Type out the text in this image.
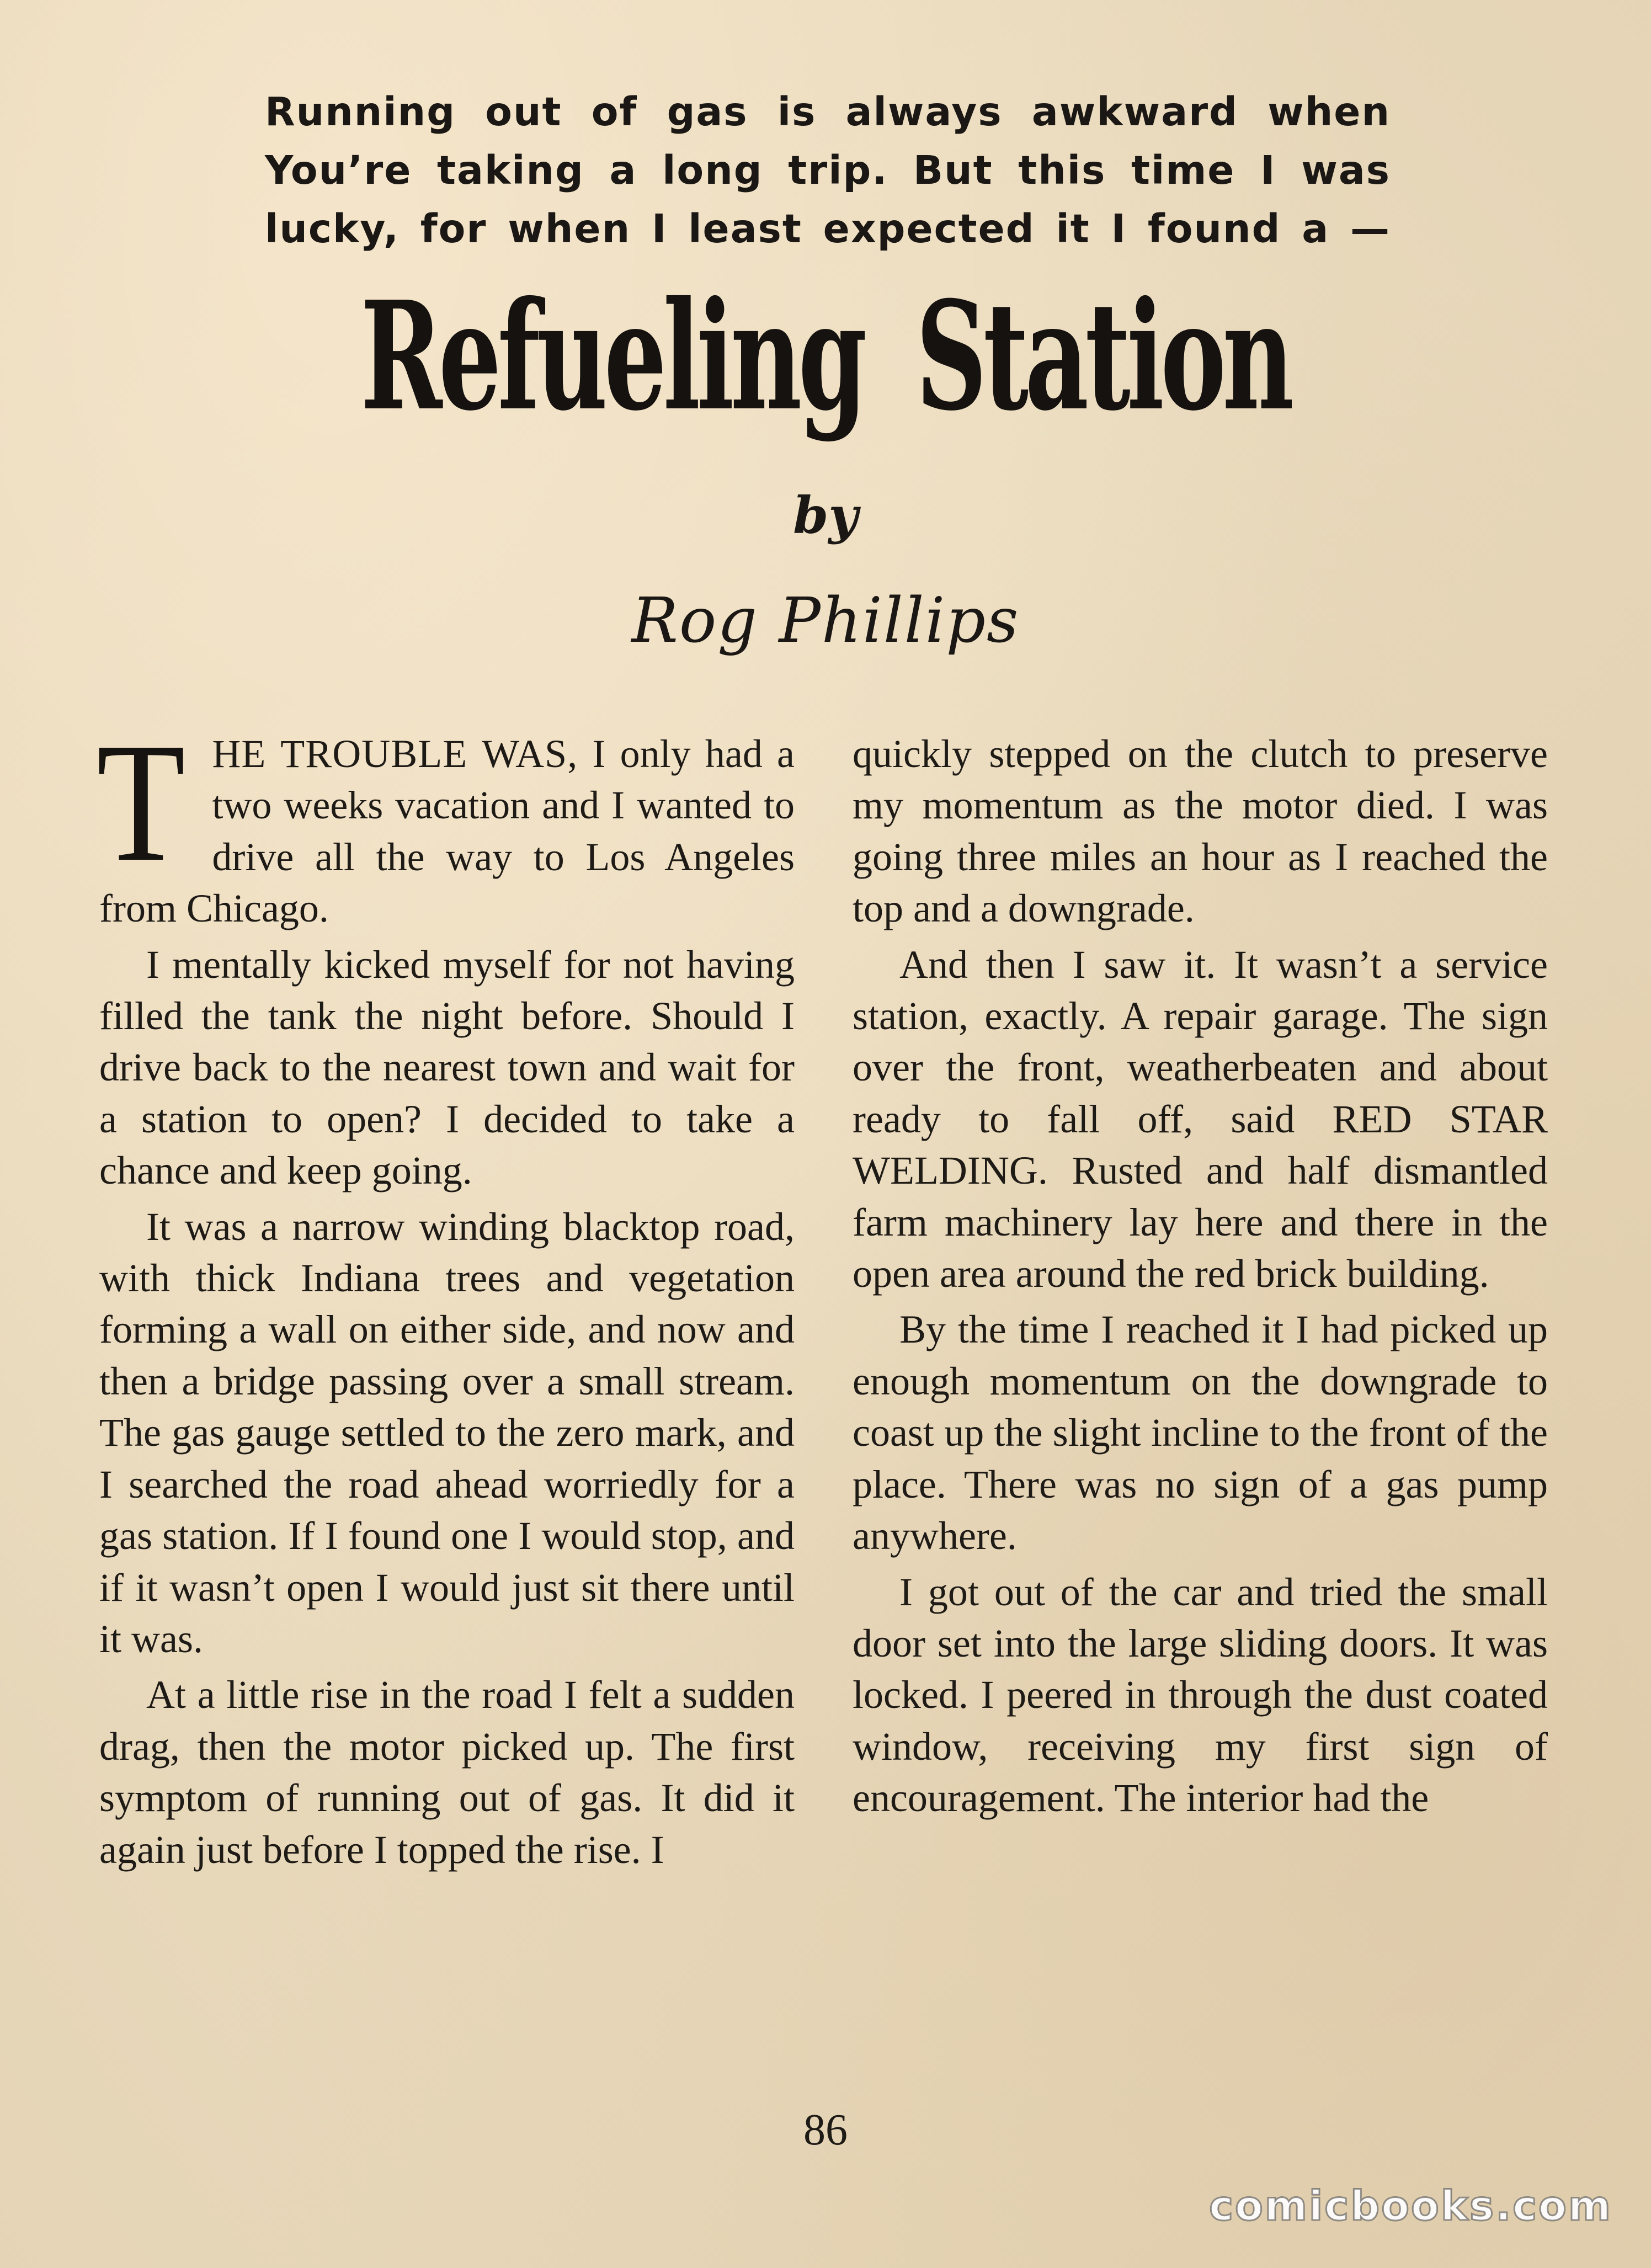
Running out of gas is always awkward when
You’re taking a long trip. But this time I was
lucky, for when I least expected it I found a —
Refueling Station
by
Rog Phillips

THE TROUBLE WAS, I only had a two weeks vacation and I wanted to drive all the way to Los Angeles from Chicago.

I mentally kicked myself for not having filled the tank the night before. Should I drive back to the nearest town and wait for a station to open? I decided to take a chance and keep going.

It was a narrow winding blacktop road, with thick Indiana trees and vegetation forming a wall on either side, and now and then a bridge passing over a small stream. The gas gauge settled to the zero mark, and I searched the road ahead worriedly for a gas station. If I found one I would stop, and if it wasn’t open I would just sit there until it was.

At a little rise in the road I felt a sudden drag, then the motor picked up. The first symptom of running out of gas. It did it again just before I topped the rise. I

quickly stepped on the clutch to preserve my momentum as the motor died. I was going three miles an hour as I reached the top and a downgrade.

And then I saw it. It wasn’t a service station, exactly. A repair garage. The sign over the front, weatherbeaten and about ready to fall off, said RED STAR WELDING. Rusted and half dismantled farm machinery lay here and there in the open area around the red brick building.

By the time I reached it I had picked up enough momentum on the downgrade to coast up the slight incline to the front of the place. There was no sign of a gas pump anywhere.

I got out of the car and tried the small door set into the large sliding doors. It was locked. I peered in through the dust coated window, receiving my first sign of encouragement. The interior had the

86
comicbooks.com
